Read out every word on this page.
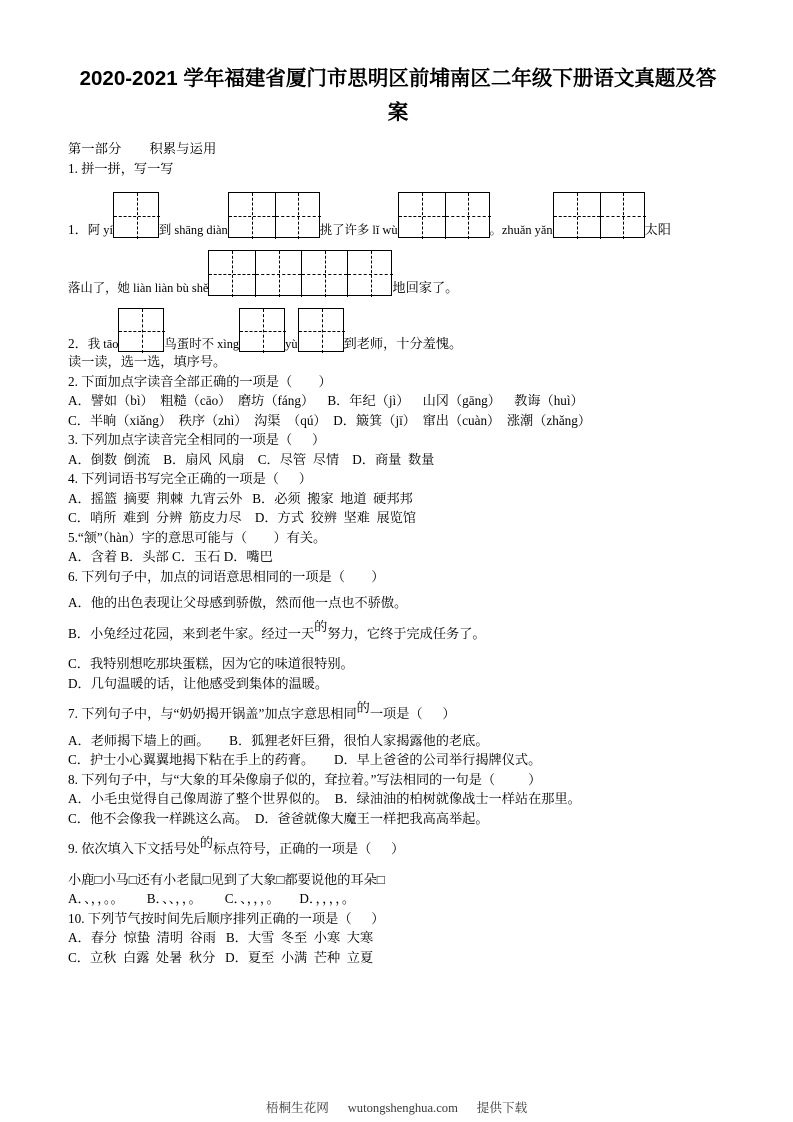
2020-2021 学年福建省厦门市思明区前埔南区二年级下册语文真题及答案

第一部分        积累与运用

1. 拼一拼，写一写

1．阿 yí	到 shāng diàn	挑了许多 lǐ wù	。zhuǎn yǎn	太阳
落山了，她 liàn liàn bù shě	地回家了。
2．我 tāo	鸟蛋时不 xìng	yù	到老师，十分羞愧。

读一读，选一选，填序号。

2. 下面加点字读音全部正确的一项是（        ）

A．譬如（bì）  粗糙（cāo）  磨坊（fáng）    B．年纪（jì）    山冈（gāng）    教诲（huì）

C．半晌（xiǎng）  秩序（zhì）  沟渠  （qú）  D．簸箕（jī）  窜出（cuàn）  涨潮（zhǎng）

3. 下列加点字读音完全相同的一项是（      ）

A．倒数  倒流    B．扇风  风扇    C．尽管  尽情    D．商量  数量

4. 下列词语书写完全正确的一项是（      ）

A．摇篮  摘要  荆棘  九宵云外   B．必须  搬家  地道  硬邦邦

C．哨所  难到  分辨  筋皮力尽    D．方式  狡辨  坚难  展览馆

5.“颔”（hàn）字的意思可能与（        ）有关。

A．含着 B．头部 C．玉石 D．嘴巴

6. 下列句子中，加点的词语意思相同的一项是（        ）

A．他的出色表现让父母感到骄傲，然而他一点也不骄傲。

B．小兔经过花园，来到老牛家。经过一天的努力，它终于完成任务了。

C．我特别想吃那块蛋糕，因为它的味道很特别。

D．几句温暖的话，让他感受到集体的温暖。

7. 下列句子中，与“奶奶揭开锅盖”加点字意思相同的一项是（      ）

A．老师揭下墙上的画。      B．狐狸老奸巨猾，很怕人家揭露他的老底。

C．护士小心翼翼地揭下粘在手上的药膏。      D．早上爸爸的公司举行揭牌仪式。

8. 下列句子中，与“大象的耳朵像扇子似的，耷拉着。”写法相同的一句是（          ）

A．小毛虫觉得自己像周游了整个世界似的。  B．绿油油的柏树就像战士一样站在那里。

C．他不会像我一样跳这么高。  D．爸爸就像大魔王一样把我高高举起。

9. 依次填入下文括号处的标点符号，正确的一项是（      ）

小鹿□小马□还有小老鼠□见到了大象□都要说他的耳朵□

A．、，，。。       B．、、，，。       C．、，，，。      D．，，，，。

10. 下列节气按时间先后顺序排列正确的一项是（      ）

A．春分  惊蛰  清明  谷雨   B．大雪  冬至  小寒  大寒

C．立秋  白露  处暑  秋分   D．夏至  小满  芒种  立夏

梧桐生花网 wutongshenghua.com 提供下载
